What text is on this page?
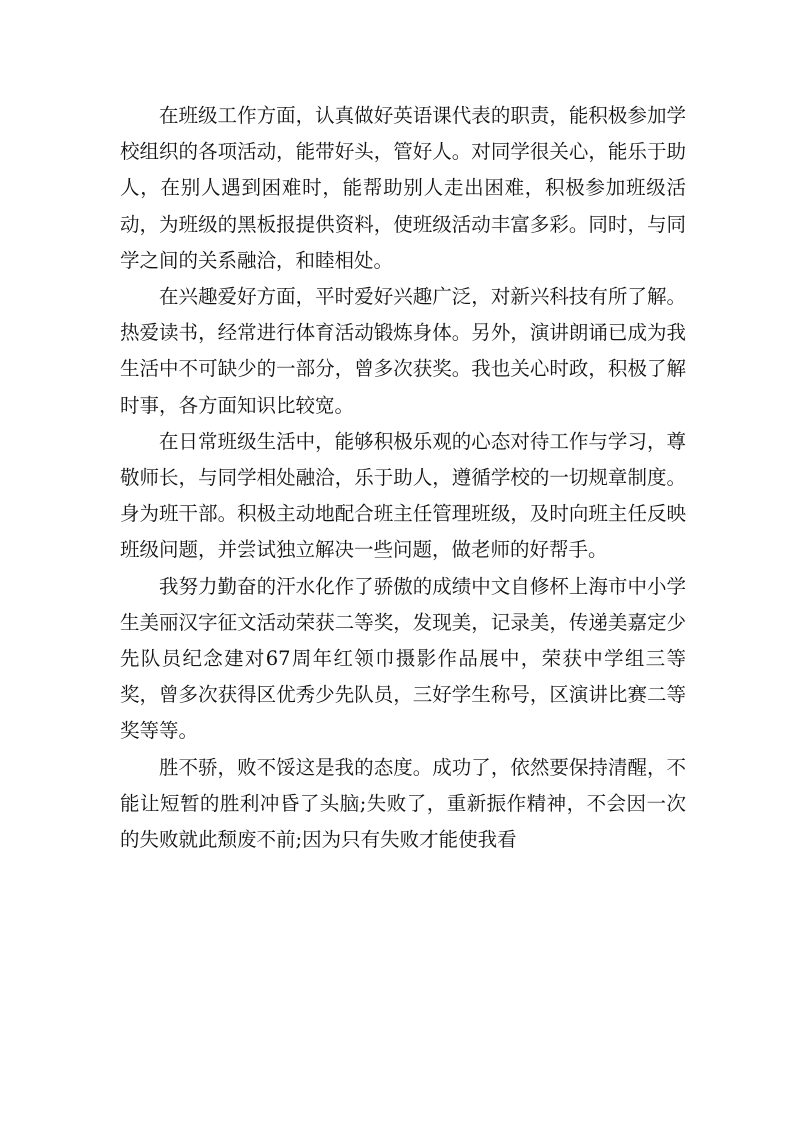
在班级工作方面，认真做好英语课代表的职责，能积极参加学校组织的各项活动，能带好头，管好人。对同学很关心，能乐于助人，在别人遇到困难时，能帮助别人走出困难，积极参加班级活动，为班级的黑板报提供资料，使班级活动丰富多彩。同时，与同学之间的关系融洽，和睦相处。

在兴趣爱好方面，平时爱好兴趣广泛，对新兴科技有所了解。热爱读书，经常进行体育活动锻炼身体。另外，演讲朗诵已成为我生活中不可缺少的一部分，曾多次获奖。我也关心时政，积极了解时事，各方面知识比较宽。

在日常班级生活中，能够积极乐观的心态对待工作与学习，尊敬师长，与同学相处融洽，乐于助人，遵循学校的一切规章制度。身为班干部。积极主动地配合班主任管理班级，及时向班主任反映班级问题，并尝试独立解决一些问题，做老师的好帮手。

我努力勤奋的汗水化作了骄傲的成绩中文自修杯上海市中小学生美丽汉字征文活动荣获二等奖，发现美，记录美，传递美嘉定少先队员纪念建对67周年红领巾摄影作品展中，荣获中学组三等奖，曾多次获得区优秀少先队员，三好学生称号，区演讲比赛二等奖等等。

胜不骄，败不馁这是我的态度。成功了，依然要保持清醒，不能让短暂的胜利冲昏了头脑;失败了，重新振作精神，不会因一次的失败就此颓废不前;因为只有失败才能使我看
